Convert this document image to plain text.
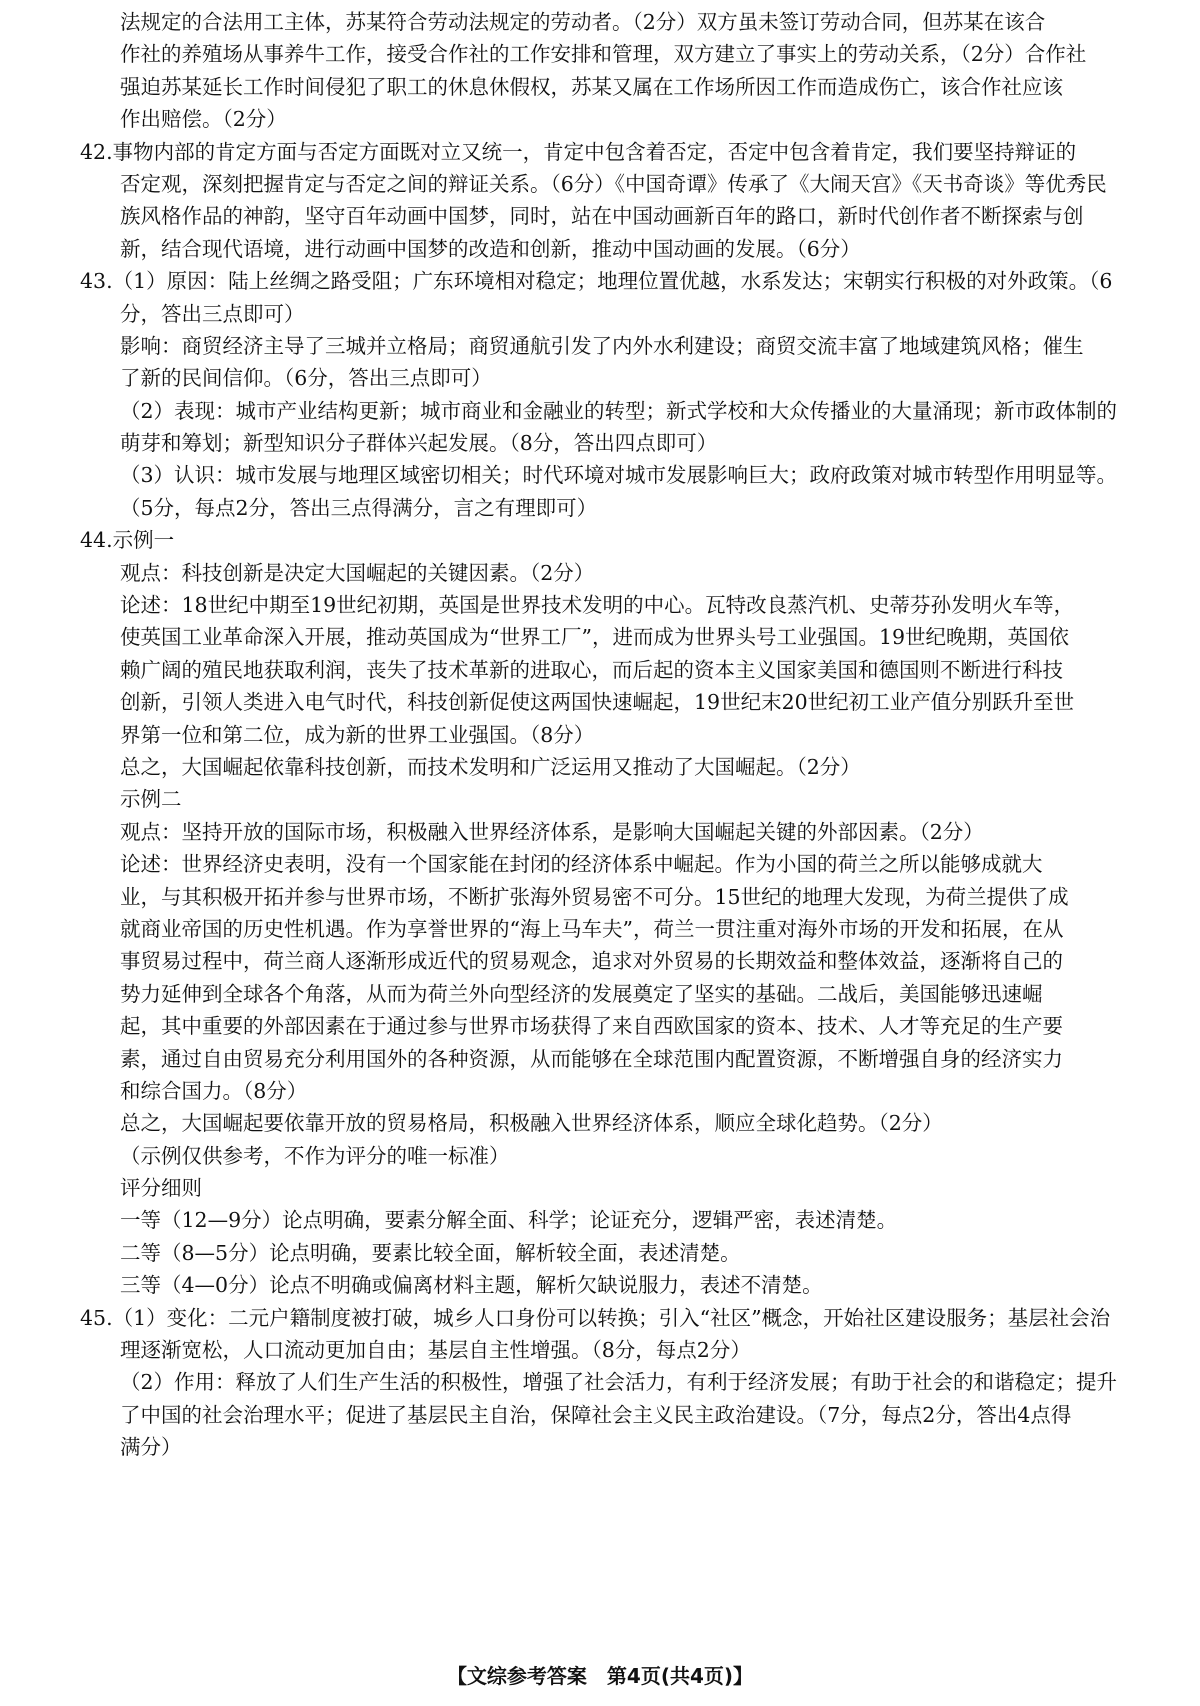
法规定的合法用工主体，苏某符合劳动法规定的劳动者。（2分）双方虽未签订劳动合同，但苏某在该合
作社的养殖场从事养牛工作，接受合作社的工作安排和管理，双方建立了事实上的劳动关系，（2分）合作社
强迫苏某延长工作时间侵犯了职工的休息休假权，苏某又属在工作场所因工作而造成伤亡，该合作社应该
作出赔偿。（2分）
42.事物内部的肯定方面与否定方面既对立又统一，肯定中包含着否定，否定中包含着肯定，我们要坚持辩证的
否定观，深刻把握肯定与否定之间的辩证关系。（6分）《中国奇谭》传承了《大闹天宫》《天书奇谈》等优秀民
族风格作品的神韵，坚守百年动画中国梦，同时，站在中国动画新百年的路口，新时代创作者不断探索与创
新，结合现代语境，进行动画中国梦的改造和创新，推动中国动画的发展。（6分）
43.（1）原因：陆上丝绸之路受阻；广东环境相对稳定；地理位置优越，水系发达；宋朝实行积极的对外政策。（6
分，答出三点即可）
影响：商贸经济主导了三城并立格局；商贸通航引发了内外水利建设；商贸交流丰富了地域建筑风格；催生
了新的民间信仰。（6分，答出三点即可）
（2）表现：城市产业结构更新；城市商业和金融业的转型；新式学校和大众传播业的大量涌现；新市政体制的
萌芽和筹划；新型知识分子群体兴起发展。（8分，答出四点即可）
（3）认识：城市发展与地理区域密切相关；时代环境对城市发展影响巨大；政府政策对城市转型作用明显等。
（5分，每点2分，答出三点得满分，言之有理即可）
44.示例一
观点：科技创新是决定大国崛起的关键因素。（2分）
论述：18世纪中期至19世纪初期，英国是世界技术发明的中心。瓦特改良蒸汽机、史蒂芬孙发明火车等，
使英国工业革命深入开展，推动英国成为“世界工厂”，进而成为世界头号工业强国。19世纪晚期，英国依
赖广阔的殖民地获取利润，丧失了技术革新的进取心，而后起的资本主义国家美国和德国则不断进行科技
创新，引领人类进入电气时代，科技创新促使这两国快速崛起，19世纪末20世纪初工业产值分别跃升至世
界第一位和第二位，成为新的世界工业强国。（8分）
总之，大国崛起依靠科技创新，而技术发明和广泛运用又推动了大国崛起。（2分）
示例二
观点：坚持开放的国际市场，积极融入世界经济体系，是影响大国崛起关键的外部因素。（2分）
论述：世界经济史表明，没有一个国家能在封闭的经济体系中崛起。作为小国的荷兰之所以能够成就大
业，与其积极开拓并参与世界市场，不断扩张海外贸易密不可分。15世纪的地理大发现，为荷兰提供了成
就商业帝国的历史性机遇。作为享誉世界的“海上马车夫”，荷兰一贯注重对海外市场的开发和拓展，在从
事贸易过程中，荷兰商人逐渐形成近代的贸易观念，追求对外贸易的长期效益和整体效益，逐渐将自己的
势力延伸到全球各个角落，从而为荷兰外向型经济的发展奠定了坚实的基础。二战后，美国能够迅速崛
起，其中重要的外部因素在于通过参与世界市场获得了来自西欧国家的资本、技术、人才等充足的生产要
素，通过自由贸易充分利用国外的各种资源，从而能够在全球范围内配置资源，不断增强自身的经济实力
和综合国力。（8分）
总之，大国崛起要依靠开放的贸易格局，积极融入世界经济体系，顺应全球化趋势。（2分）
（示例仅供参考，不作为评分的唯一标准）
评分细则
一等（12—9分）论点明确，要素分解全面、科学；论证充分，逻辑严密，表述清楚。
二等（8—5分）论点明确，要素比较全面，解析较全面，表述清楚。
三等（4—0分）论点不明确或偏离材料主题，解析欠缺说服力，表述不清楚。
45.（1）变化：二元户籍制度被打破，城乡人口身份可以转换；引入“社区”概念，开始社区建设服务；基层社会治
理逐渐宽松，人口流动更加自由；基层自主性增强。（8分，每点2分）
（2）作用：释放了人们生产生活的积极性，增强了社会活力，有利于经济发展；有助于社会的和谐稳定；提升
了中国的社会治理水平；促进了基层民主自治，保障社会主义民主政治建设。（7分，每点2分，答出4点得
满分）
【文综参考答案　第4页(共4页)】
